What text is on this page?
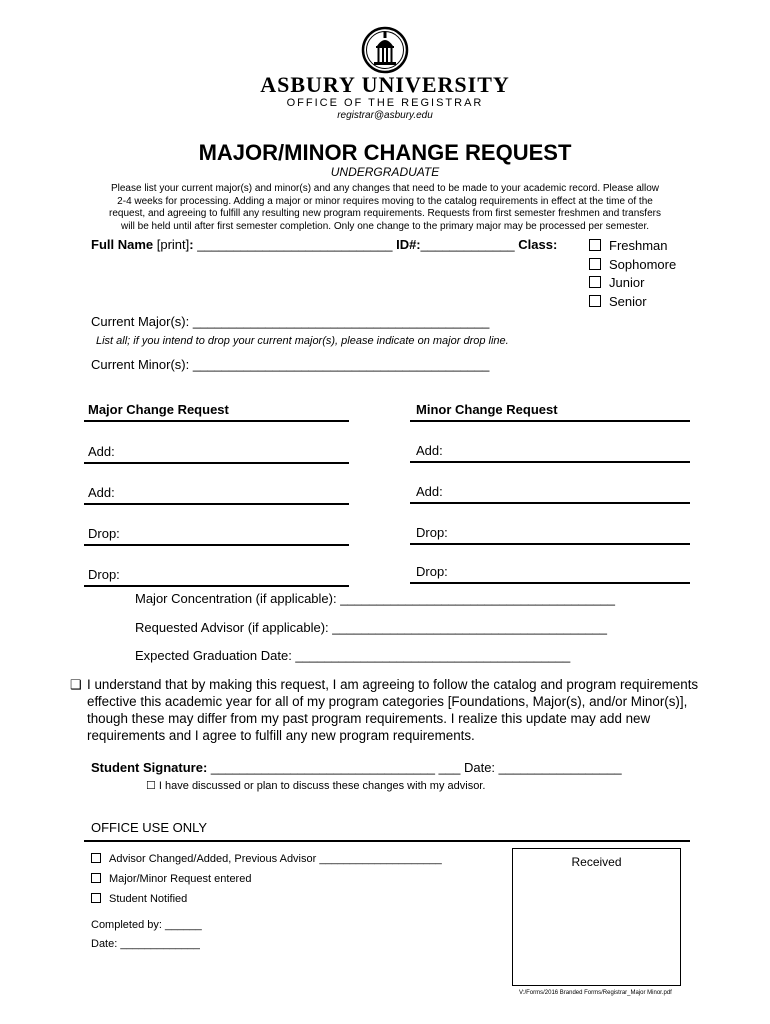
ASBURY UNIVERSITY
OFFICE OF THE REGISTRAR
registrar@asbury.edu
MAJOR/MINOR CHANGE REQUEST
UNDERGRADUATE
Please list your current major(s) and minor(s) and any changes that need to be made to your academic record. Please allow
2-4 weeks for processing. Adding a major or minor requires moving to the catalog requirements in effect at the time of the
request, and agreeing to fulfill any resulting new program requirements. Requests from first semester freshmen and transfers
will be held until after first semester completion. Only one change to the primary major may be processed per semester.
Full Name [print]: ___________________________ ID#:_____________ Class:	Freshman
Sophomore
Junior
Senior
Current Major(s): _________________________________________
List all; if you intend to drop your current major(s), please indicate on major drop line.
Current Minor(s): _________________________________________
Major Change Request
Add:
Add:
Drop:
Drop:
Minor Change Request
Add:
Add:
Drop:
Drop:
Major Concentration (if applicable): ______________________________________
Requested Advisor (if applicable): ______________________________________
Expected Graduation Date: ______________________________________
❑ I understand that by making this request, I am agreeing to follow the catalog and program requirements
effective this academic year for all of my program categories [Foundations, Major(s), and/or Minor(s)],
though these may differ from my past program requirements. I realize this update may add new
requirements and I agree to fulfill any new program requirements.
Student Signature: _______________________________ ___ Date: _________________
☐ I have discussed or plan to discuss these changes with my advisor.
OFFICE USE ONLY
Advisor Changed/Added, Previous Advisor ____________________
Major/Minor Request entered
Student Notified
Completed by: ______
Date: _____________
Received
V:/Forms/2016 Branded Forms/Registrar_Major Minor.pdf
